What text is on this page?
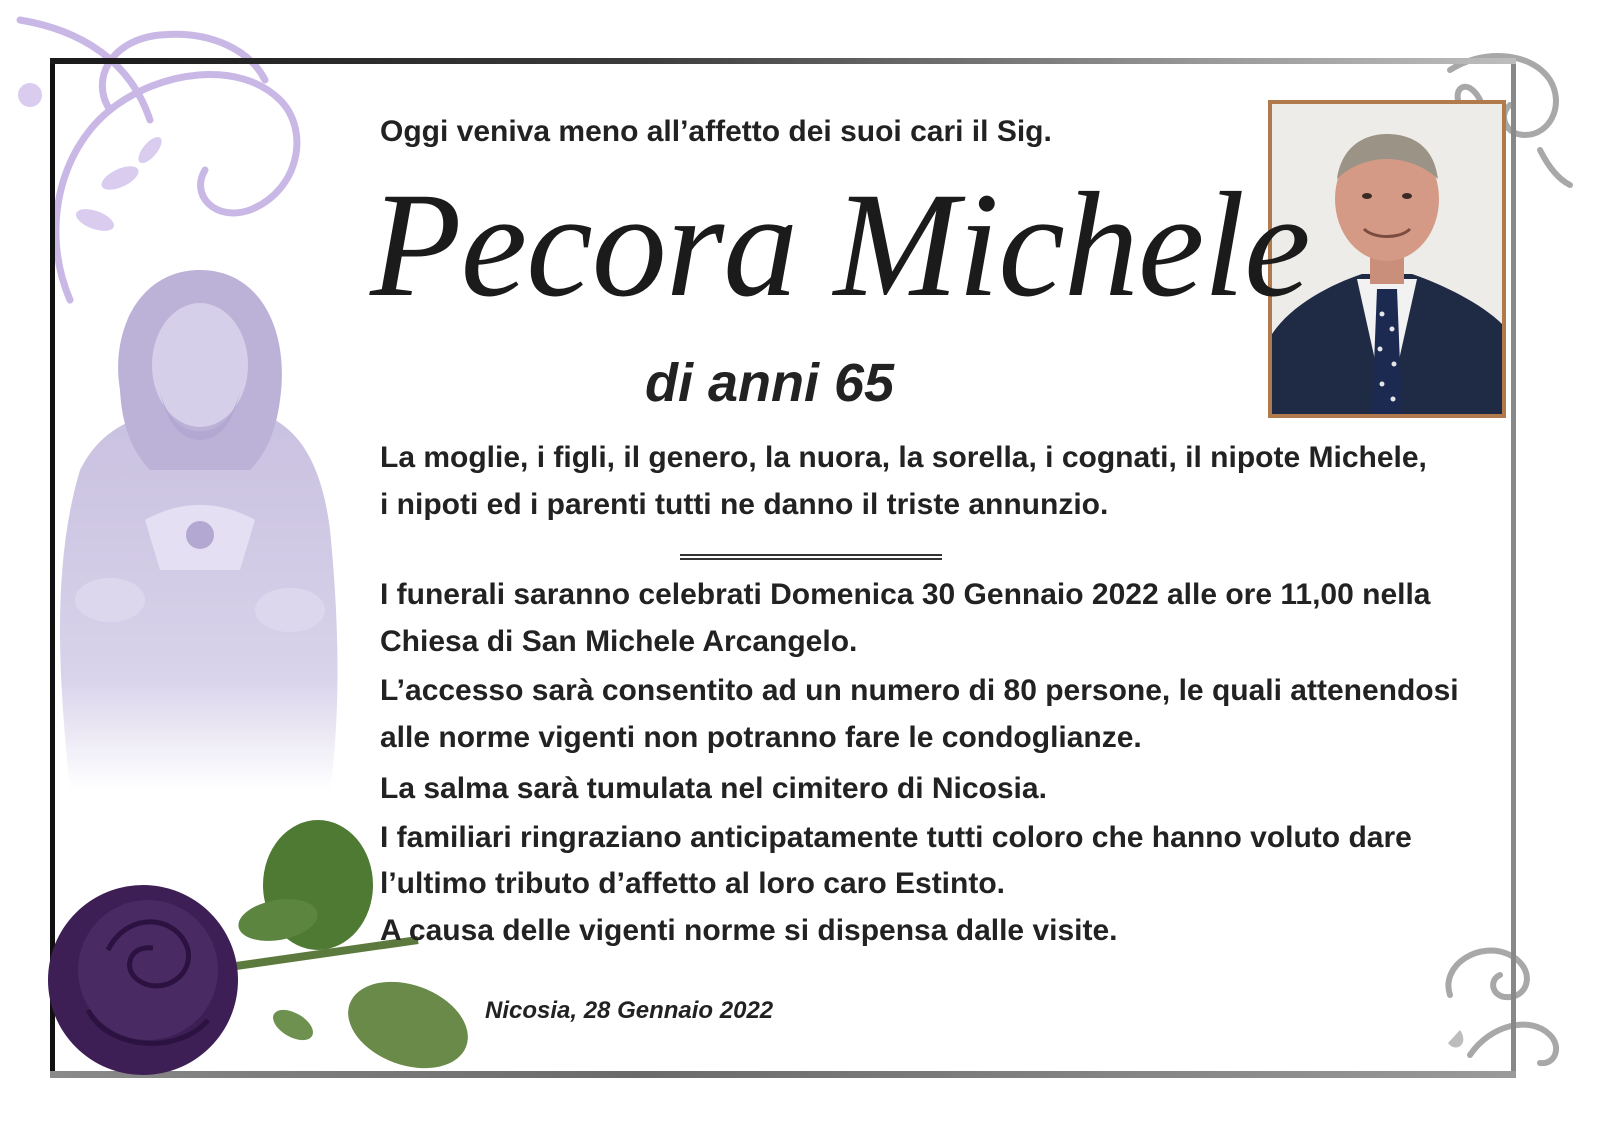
Oggi veniva meno all’affetto dei suoi cari il Sig.

Pecora Michele

di anni 65

La moglie, i figli, il genero, la nuora, la sorella, i cognati, il nipote Michele,

i nipoti ed i parenti tutti ne danno il triste annunzio.

I funerali saranno celebrati Domenica 30 Gennaio 2022 alle ore 11,00 nella

Chiesa di San Michele Arcangelo.

L’accesso sarà consentito ad un numero di 80 persone, le quali attenendosi

alle norme vigenti non potranno fare le condoglianze.

La salma sarà tumulata nel cimitero di Nicosia.

I familiari ringraziano anticipatamente tutti coloro che hanno voluto dare

l’ultimo tributo d’affetto al loro caro Estinto.

A causa delle vigenti norme si dispensa dalle visite.

Nicosia, 28 Gennaio 2022
